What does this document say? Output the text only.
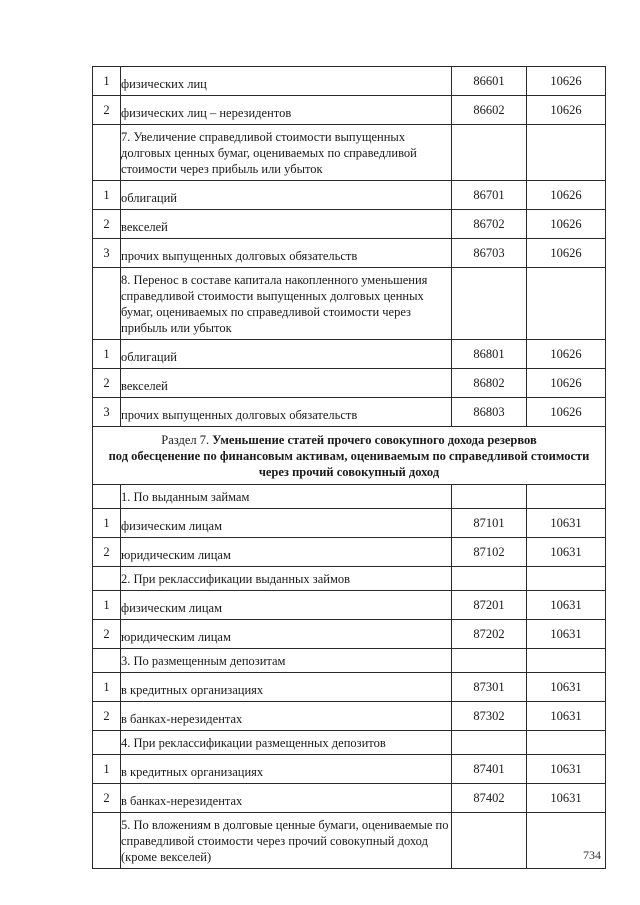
1	физических лиц	86601	10626
2	физических лиц – нерезидентов	86602	10626
	7. Увеличение справедливой стоимости выпущенных долговых ценных бумаг, оцениваемых по справедливой стоимости через прибыль или убыток		
1	облигаций	86701	10626
2	векселей	86702	10626
3	прочих выпущенных долговых обязательств	86703	10626
	8. Перенос в составе капитала накопленного уменьшения справедливой стоимости выпущенных долговых ценных бумаг, оцениваемых по справедливой стоимости через прибыль или убыток		
1	облигаций	86801	10626
2	векселей	86802	10626
3	прочих выпущенных долговых обязательств	86803	10626
Раздел 7. Уменьшение статей прочего совокупного дохода резервов
под обесценение по финансовым активам, оцениваемым по справедливой стоимости
через прочий совокупный доход			
	1. По выданным займам		
1	физическим лицам	87101	10631
2	юридическим лицам	87102	10631
	2. При реклассификации выданных займов		
1	физическим лицам	87201	10631
2	юридическим лицам	87202	10631
	3. По размещенным депозитам		
1	в кредитных организациях	87301	10631
2	в банках-нерезидентах	87302	10631
	4. При реклассификации размещенных депозитов		
1	в кредитных организациях	87401	10631
2	в банках-нерезидентах	87402	10631
	5. По вложениям в долговые ценные бумаги, оцениваемые по справедливой стоимости через прочий совокупный доход (кроме векселей)			734
